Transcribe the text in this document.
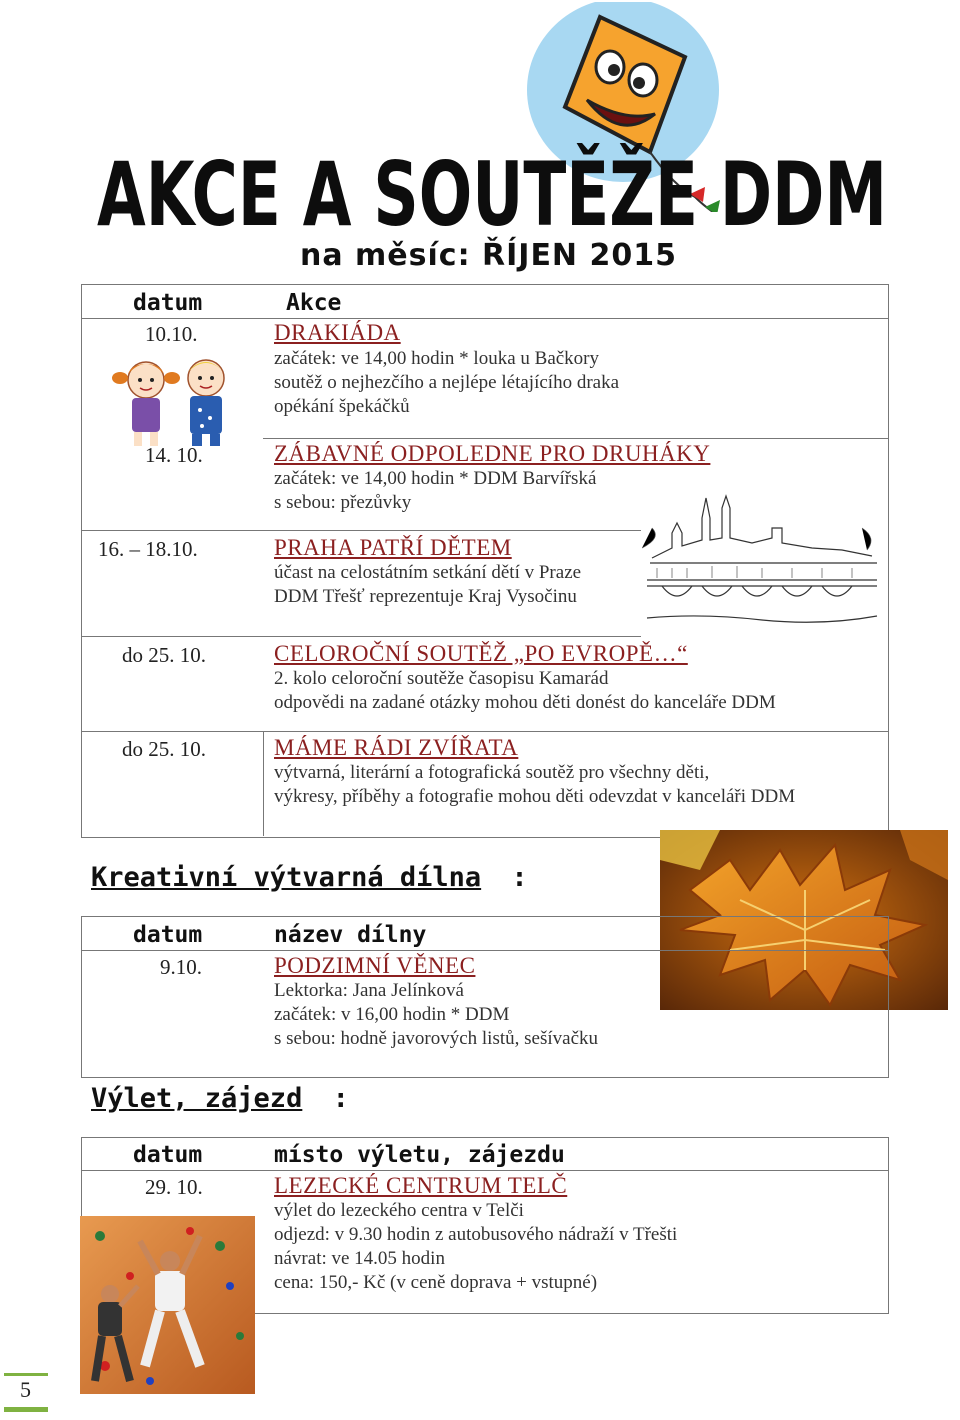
AKCE A SOUTĚŽE DDM
na měsíc: ŘÍJEN 2015
datum	Akce
10.10.	DRAKIÁDA
začátek: ve 14,00 hodin * louka u Bačkory
soutěž o nejhezčího a nejlépe létajícího draka
opékání špekáčků
14. 10.	ZÁBAVNÉ ODPOLEDNE PRO DRUHÁKY
začátek: ve 14,00 hodin * DDM Barvířská
s sebou: přezůvky
16. – 18.10.	PRAHA PATŘÍ DĚTEM
účast na celostátním setkání dětí v Praze
DDM Třešť reprezentuje Kraj Vysočinu
do 25. 10.	CELOROČNÍ SOUTĚŽ „PO EVROPĚ…“
2. kolo celoroční soutěže časopisu Kamarád
odpovědi na zadané otázky mohou děti donést do kanceláře DDM
do 25. 10.	MÁME RÁDI ZVÍŘATA
výtvarná, literární a fotografická soutěž pro všechny děti,
výkresy, příběhy a fotografie mohou děti odevzdat v kanceláři DDM
Kreativní výtvarná dílna :
datum	název dílny
9.10.	PODZIMNÍ VĚNEC
Lektorka: Jana Jelínková
začátek: v 16,00 hodin * DDM
s sebou: hodně javorových listů, sešívačku
Výlet, zájezd :
datum	místo výletu, zájezdu
29. 10.	LEZECKÉ CENTRUM TELČ
výlet do lezeckého centra v Telči
odjezd: v 9.30 hodin z autobusového nádraží v Třešti
návrat: ve 14.05 hodin
cena: 150,- Kč (v ceně doprava + vstupné)
5
